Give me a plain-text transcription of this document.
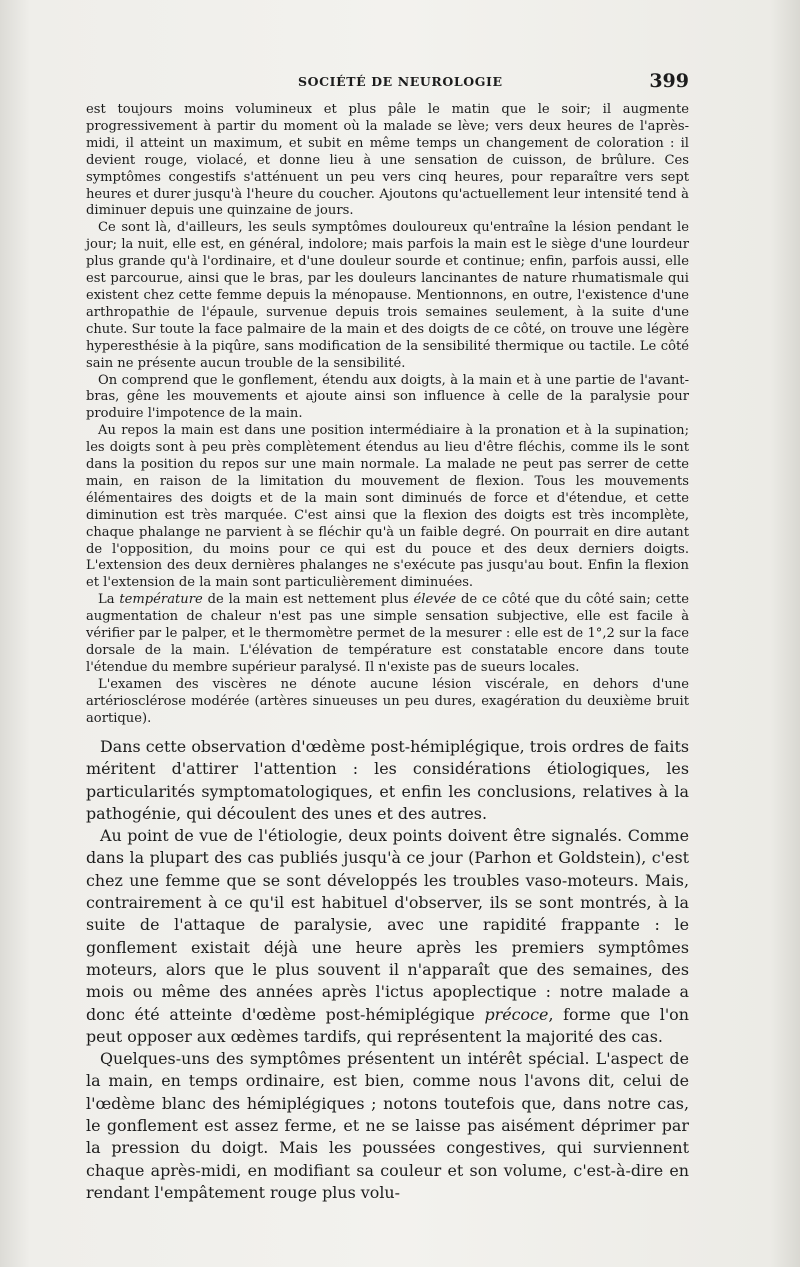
SOCIÉTÉ DE NEUROLOGIE	399

est toujours moins volumineux et plus pâle le matin que le soir; il augmente progressivement à partir du moment où la malade se lève; vers deux heures de l'après-midi, il atteint un maximum, et subit en même temps un changement de coloration : il devient rouge, violacé, et donne lieu à une sensation de cuisson, de brûlure. Ces symptômes congestifs s'atténuent un peu vers cinq heures, pour reparaître vers sept heures et durer jusqu'à l'heure du coucher. Ajoutons qu'actuellement leur intensité tend à diminuer depuis une quinzaine de jours.

Ce sont là, d'ailleurs, les seuls symptômes douloureux qu'entraîne la lésion pendant le jour; la nuit, elle est, en général, indolore; mais parfois la main est le siège d'une lourdeur plus grande qu'à l'ordinaire, et d'une douleur sourde et continue; enfin, parfois aussi, elle est parcourue, ainsi que le bras, par les douleurs lancinantes de nature rhumatismale qui existent chez cette femme depuis la ménopause. Mentionnons, en outre, l'existence d'une arthropathie de l'épaule, survenue depuis trois semaines seulement, à la suite d'une chute. Sur toute la face palmaire de la main et des doigts de ce côté, on trouve une légère hyperesthésie à la piqûre, sans modification de la sensibilité thermique ou tactile. Le côté sain ne présente aucun trouble de la sensibilité.

On comprend que le gonflement, étendu aux doigts, à la main et à une partie de l'avant-bras, gêne les mouvements et ajoute ainsi son influence à celle de la paralysie pour produire l'impotence de la main.

Au repos la main est dans une position intermédiaire à la pronation et à la supination; les doigts sont à peu près complètement étendus au lieu d'être fléchis, comme ils le sont dans la position du repos sur une main normale. La malade ne peut pas serrer de cette main, en raison de la limitation du mouvement de flexion. Tous les mouvements élémentaires des doigts et de la main sont diminués de force et d'étendue, et cette diminution est très marquée. C'est ainsi que la flexion des doigts est très incomplète, chaque phalange ne parvient à se fléchir qu'à un faible degré. On pourrait en dire autant de l'opposition, du moins pour ce qui est du pouce et des deux derniers doigts. L'extension des deux dernières phalanges ne s'exécute pas jusqu'au bout. Enfin la flexion et l'extension de la main sont particulièrement diminuées.

La température de la main est nettement plus élevée de ce côté que du côté sain; cette augmentation de chaleur n'est pas une simple sensation subjective, elle est facile à vérifier par le palper, et le thermomètre permet de la mesurer : elle est de 1°,2 sur la face dorsale de la main. L'élévation de température est constatable encore dans toute l'étendue du membre supérieur paralysé. Il n'existe pas de sueurs locales.

L'examen des viscères ne dénote aucune lésion viscérale, en dehors d'une artériosclérose modérée (artères sinueuses un peu dures, exagération du deuxième bruit aortique).

Dans cette observation d'œdème post-hémiplégique, trois ordres de faits méritent d'attirer l'attention : les considérations étiologiques, les particularités symptomatologiques, et enfin les conclusions, relatives à la pathogénie, qui découlent des unes et des autres.

Au point de vue de l'étiologie, deux points doivent être signalés. Comme dans la plupart des cas publiés jusqu'à ce jour (Parhon et Goldstein), c'est chez une femme que se sont développés les troubles vaso-moteurs. Mais, contrairement à ce qu'il est habituel d'observer, ils se sont montrés, à la suite de l'attaque de paralysie, avec une rapidité frappante : le gonflement existait déjà une heure après les premiers symptômes moteurs, alors que le plus souvent il n'apparaît que des semaines, des mois ou même des années après l'ictus apoplectique : notre malade a donc été atteinte d'œdème post-hémiplégique précoce, forme que l'on peut opposer aux œdèmes tardifs, qui représentent la majorité des cas.

Quelques-uns des symptômes présentent un intérêt spécial. L'aspect de la main, en temps ordinaire, est bien, comme nous l'avons dit, celui de l'œdème blanc des hémiplégiques ; notons toutefois que, dans notre cas, le gonflement est assez ferme, et ne se laisse pas aisément déprimer par la pression du doigt. Mais les poussées congestives, qui surviennent chaque après-midi, en modifiant sa couleur et son volume, c'est-à-dire en rendant l'empâtement rouge plus volu-
